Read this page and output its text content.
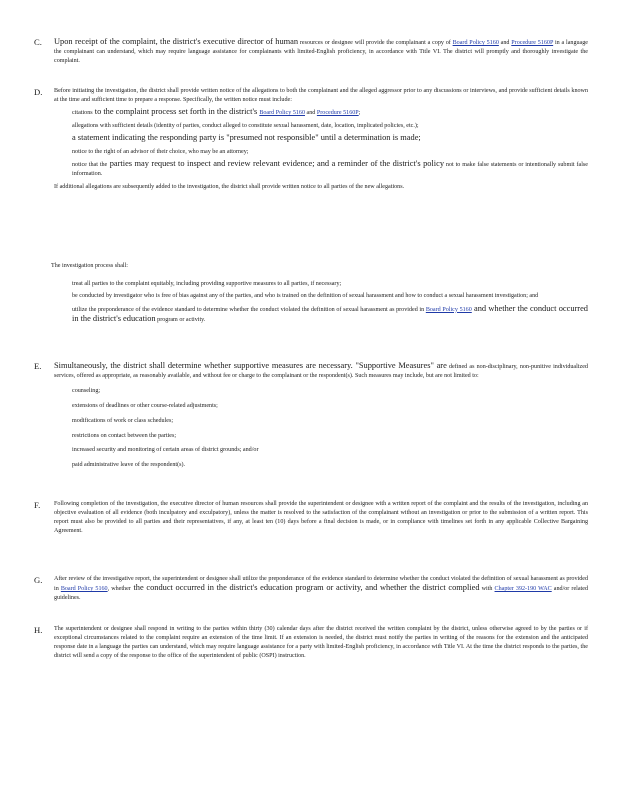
C. Upon receipt of the complaint, the district's executive director of human resources or designee will provide the complainant a copy of Board Policy 5160 and Procedure 5160P in a language the complainant can understand, which may require language assistance for complainants with limited-English proficiency, in accordance with Title VI. The district will promptly and thoroughly investigate the complaint.
D. Before initiating the investigation, the district shall provide written notice of the allegations to both the complainant and the alleged aggressor prior to any discussions or interviews, and provide sufficient details known at the time and sufficient time to prepare a response. Specifically, the written notice must include:
citations to the complaint process set forth in the district's Board Policy 5160 and Procedure 5160P;
allegations with sufficient details (identity of parties, conduct alleged to constitute sexual harassment, date, location, implicated policies, etc.);
a statement indicating the responding party is "presumed not responsible" until a determination is made;
notice to the right of an advisor of their choice, who may be an attorney;
notice that the parties may request to inspect and review relevant evidence; and a reminder of the district's policy not to make false statements or intentionally submit false information.
If additional allegations are subsequently added to the investigation, the district shall provide written notice to all parties of the new allegations.
The investigation process shall:
treat all parties to the complaint equitably, including providing supportive measures to all parties, if necessary;
be conducted by investigator who is free of bias against any of the parties, and who is trained on the definition of sexual harassment and how to conduct a sexual harassment investigation; and
utilize the preponderance of the evidence standard to determine whether the conduct violated the definition of sexual harassment as provided in Board Policy 5160 and whether the conduct occurred in the district's education program or activity.
E. Simultaneously, the district shall determine whether supportive measures are necessary. "Supportive Measures" are defined as non-disciplinary, non-punitive individualized services, offered as appropriate, as reasonably available, and without fee or charge to the complainant or the respondent(s). Such measures may include, but are not limited to:
counseling;
extensions of deadlines or other course-related adjustments;
modifications of work or class schedules;
restrictions on contact between the parties;
increased security and monitoring of certain areas of district grounds; and/or
paid administrative leave of the respondent(s).
F. Following completion of the investigation, the executive director of human resources shall provide the superintendent or designee with a written report of the complaint and the results of the investigation, including an objective evaluation of all evidence (both inculpatory and exculpatory), unless the matter is resolved to the satisfaction of the complainant without an investigation or prior to the submission of a written report. This report must also be provided to all parties and their representatives, if any, at least ten (10) days before a final decision is made, or in compliance with timelines set forth in any applicable Collective Bargaining Agreement.
G. After review of the investigative report, the superintendent or designee shall utilize the preponderance of the evidence standard to determine whether the conduct violated the definition of sexual harassment as provided in Board Policy 5160, whether the conduct occurred in the district's education program or activity, and whether the district complied with Chapter 392-190 WAC and/or related guidelines.
H. The superintendent or designee shall respond in writing to the parties within thirty (30) calendar days after the district received the written complaint by the district, unless otherwise agreed to by the parties or if exceptional circumstances related to the complaint require an extension of the time limit. If an extension is needed, the district must notify the parties in writing of the reasons for the extension and the anticipated response date in a language the parties can understand, which may require language assistance for a party with limited-English proficiency, in accordance with Title VI. At the time the district responds to the parties, the district will send a copy of the response to the office of the superintendent of public (OSPI) instruction.
